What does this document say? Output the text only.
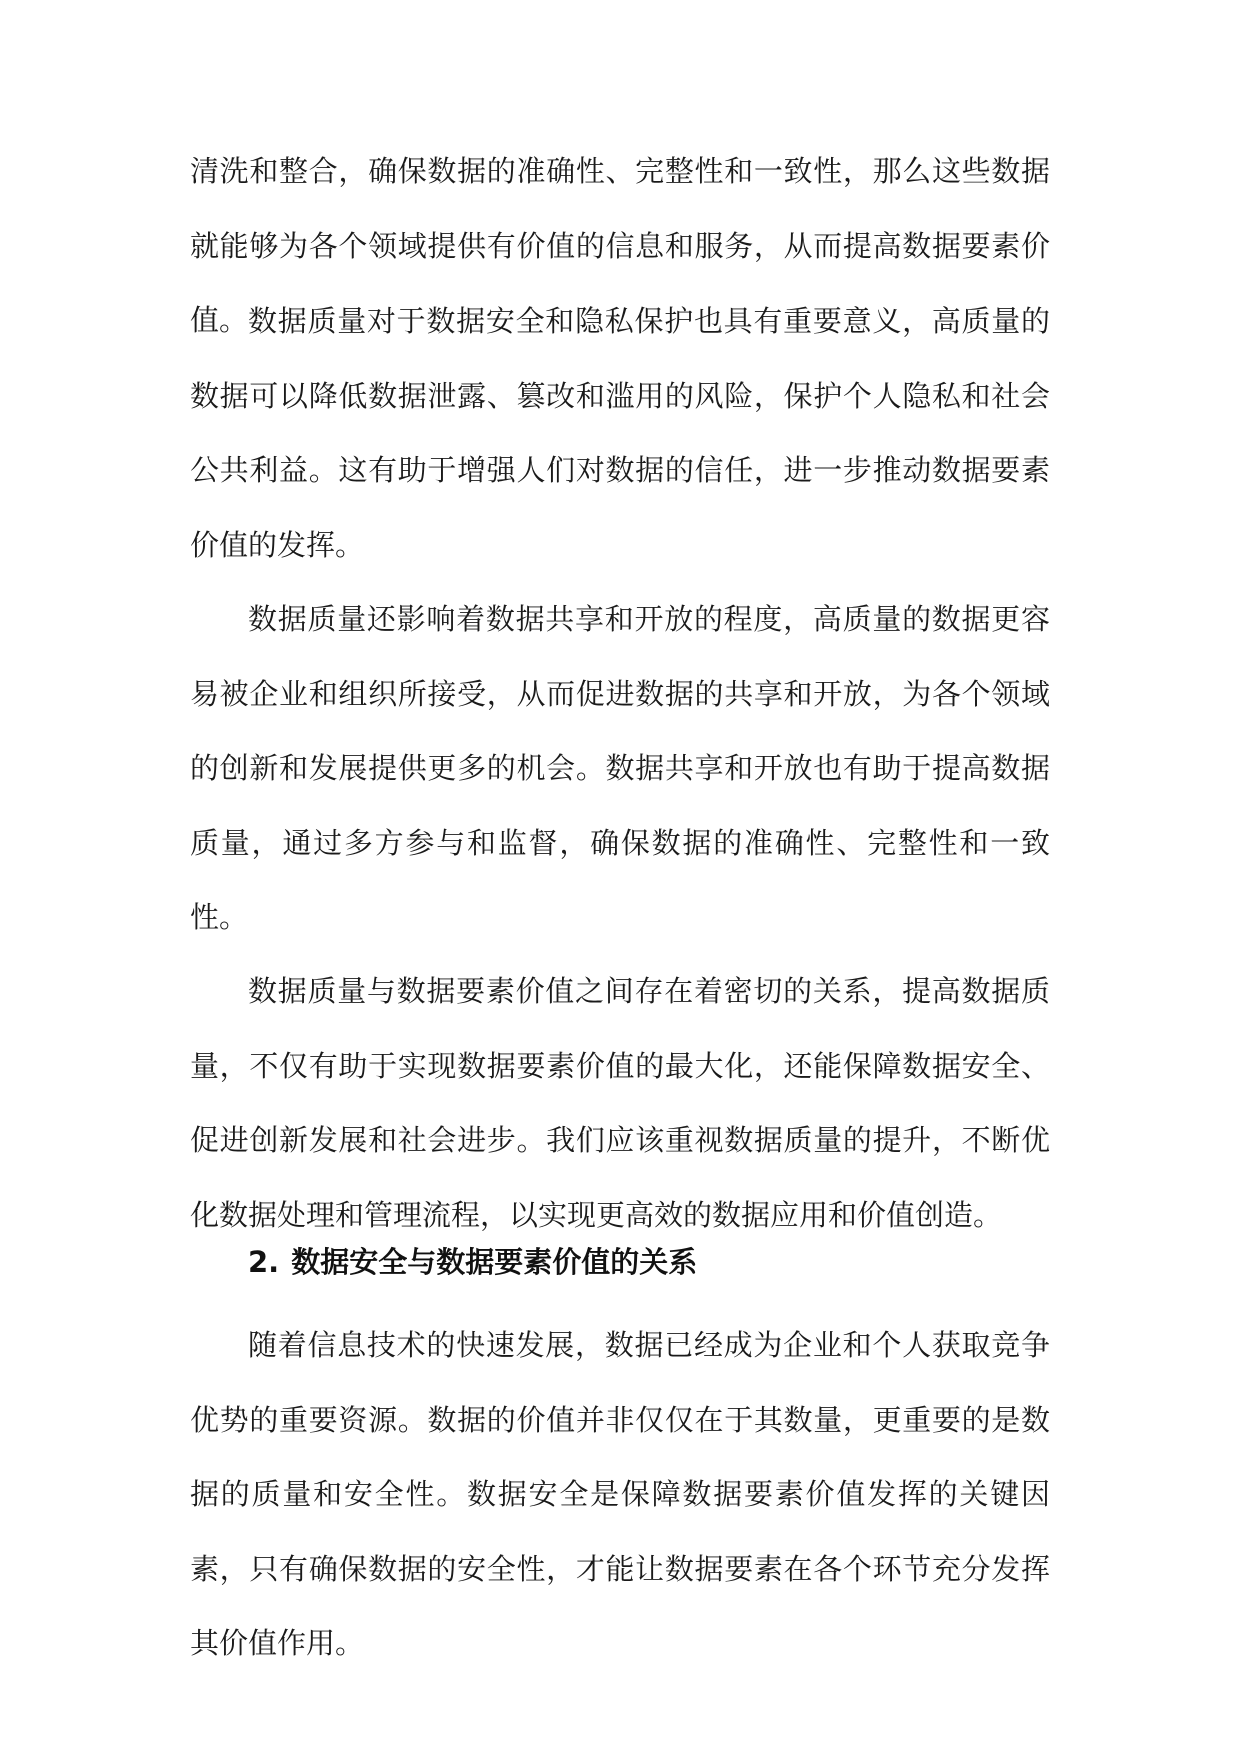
清洗和整合，确保数据的准确性、完整性和一致性，那么这些数据就能够为各个领域提供有价值的信息和服务，从而提高数据要素价值。 数据质量对于数据安全和隐私保护也具有重要意义，高质量的数据可以降低数据泄露、篡改和滥用的风险，保护个人隐私和社会公共利益。这有助于增强人们对数据的信任，进一步推动数据要素价值的发挥。

数据质量还影响着数据共享和开放的程度，高质量的数据更容易被企业和组织所接受，从而促进数据的共享和开放，为各个领域的创新和发展提供更多的机会。数据共享和开放也有助于提高数据质量，通过多方参与和监督，确保数据的准确性、完整性和一致性。

数据质量与数据要素价值之间存在着密切的关系，提高数据质量，不仅有助于实现数据要素价值的最大化，还能保障数据安全、促进创新发展和社会进步。我们应该重视数据质量的提升，不断优化数据处理和管理流程，以实现更高效的数据应用和价值创造。

2. 数据安全与数据要素价值的关系

随着信息技术的快速发展，数据已经成为企业和个人获取竞争优势的重要资源。数据的价值并非仅仅在于其数量，更重要的是数据的质量和安全性。数据安全是保障数据要素价值发挥的关键因素，只有确保数据的安全性，才能让数据要素在各个环节充分发挥其价值作用。
